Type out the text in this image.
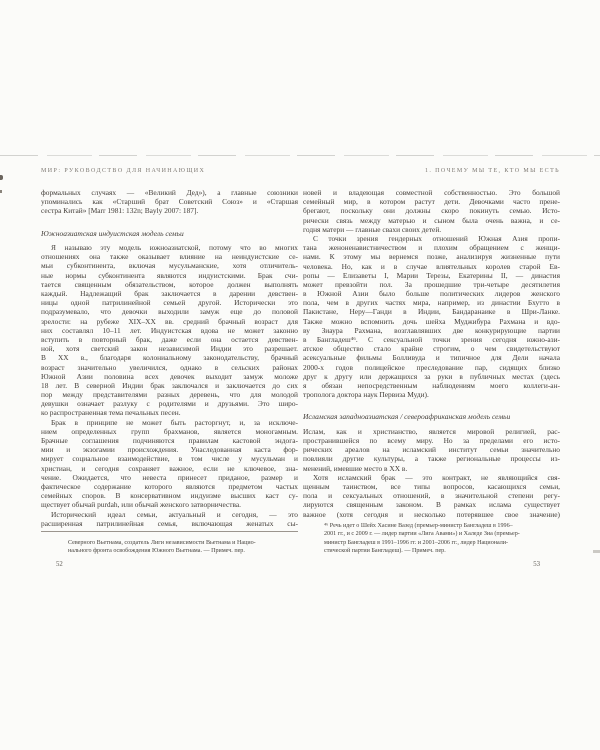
МИР: РУКОВОДСТВО ДЛЯ НАЧИНАЮЩИХ
формальных случаях — «Великий Дед»), а главные союзники
упоминались как «Старший брат Советский Союз» и «Старшая
сестра Китай» [Marr 1981: 132n; Bayly 2007: 187].
Южноазиатская индуистская модель семьи
Я называю эту модель южноазиатской, потому что во многих
отношениях она также оказывает влияние на неиндуистские се-
мьи субконтинента, включая мусульманские, хотя отличитель-
ные нормы субконтинента являются индуистскими. Брак счи-
тается священным обязательством, которое должен выполнять
каждый. Надлежащий брак заключается в дарении девствен-
ницы одной патрилинейной семьей другой. Исторически это
подразумевало, что девочки выходили замуж еще до половой
зрелости: на рубеже XIX–XX вв. средний брачный возраст для
них составлял 10–11 лет. Индуистская вдова не может законно
вступить в повторный брак, даже если она остается девствен-
ной, хотя светский закон независимой Индии это разрешает.
В XX в., благодаря колониальному законодательству, брачный
возраст значительно увеличился, однако в сельских районах
Южной Азии половина всех девочек выходит замуж моложе
18 лет. В северной Индии брак заключался и заключается до сих
пор между представителями разных деревень, что для молодой
девушки означает разлуку с родителями и друзьями. Это широ-
ко распространенная тема печальных песен.
Брак в принципе не может быть расторгнут, и, за исключе-
нием определенных групп брахманов, является моногамным.
Брачные соглашения подчиняются правилам кастовой эндога-
мии и экзогамии происхождения. Унаследованная каста фор-
мирует социальное взаимодействие, в том числе у мусульман и
христиан, и сегодня сохраняет важное, если не ключевое, зна-
чение. Ожидается, что невеста принесет приданое, размер и
фактическое содержание которого являются предметом частых
семейных споров. В консервативном индуизме высших каст су-
ществует обычай purdah, или обычай женского затворничества.
Исторический идеал семьи, актуальный и сегодня, — это
расширенная патрилинейная семья, включающая женатых сы-
Северного Вьетнама, создатель Лиги независимости Вьетнама и Нацио-
нального фронта освобождения Южного Вьетнама. — Примеч. пер.
52
1. ПОЧЕМУ МЫ ТЕ, КТО МЫ ЕСТЬ
новей и владеющая совместной собственностью. Это большой
семейный мир, в котором растут дети. Девочками часто прене-
брегают, поскольку они должны скоро покинуть семью. Исто-
рически связь между матерью и сыном была очень важна, и се-
годня матери — главные свахи своих детей.
С точки зрения гендерных отношений Южная Азия пропи-
тана женоненавистничеством и плохим обращением с женщи-
нами. К этому мы вернемся позже, анализируя жизненные пути
человека. Но, как и в случае влиятельных королев старой Ев-
ропы — Елизаветы I, Марии Терезы, Екатерины II, — династия
может превзойти пол. За прошедшие три-четыре десятилетия
в Южной Азии было больше политических лидеров женского
пола, чем в других частях мира, например, из династии Бхутто в
Пакистане, Неру—Ганди в Индии, Бандаранаике в Шри-Ланке.
Также можно вспомнить дочь шейха Муджибура Рахмана и вдо-
ву Зиаура Рахмана, возглавлявших две конкурирующие партии
в Бангладеш⁴⁶. С сексуальной точки зрения сегодня южно-ази-
атское общество стало крайне строгим, о чем свидетельствуют
асексуальные фильмы Болливуда и типичное для Дели начала
2000-х годов полицейское преследование пар, сидящих близко
друг к другу или держащихся за руки в публичных местах (здесь
я обязан непосредственным наблюдениям моего коллеги-ан-
трополога доктора наук Первиза Муди).
Исламская западноазиатская / североафриканская модель семьи
Ислам, как и христианство, является мировой религией, рас-
пространившейся по всему миру. Но за пределами его исто-
рических ареалов на исламский институт семьи значительно
повлияли другие культуры, а также региональные процессы из-
менений, имевшие место в XX в.
Хотя исламский брак — это контракт, не являющийся свя-
щенным таинством, все типы вопросов, касающихся семьи,
пола и сексуальных отношений, в значительной степени регу-
лируются священным законом. В рамках ислама существует
важное (хотя сегодня и несколько потерявшее свое значение)
⁴⁶ Речь идет о Шейх Хасине Вазед (премьер-министр Бангладеш в 1996–
2001 гг., и с 2009 г. — лидер партии «Лига Авами») и Халеде Зиа (премьер-
министр Бангладеш в 1991–1996 гг. и 2001–2006 гг., лидер Национали-
стической партии Бангладеш). — Примеч. пер.
53
